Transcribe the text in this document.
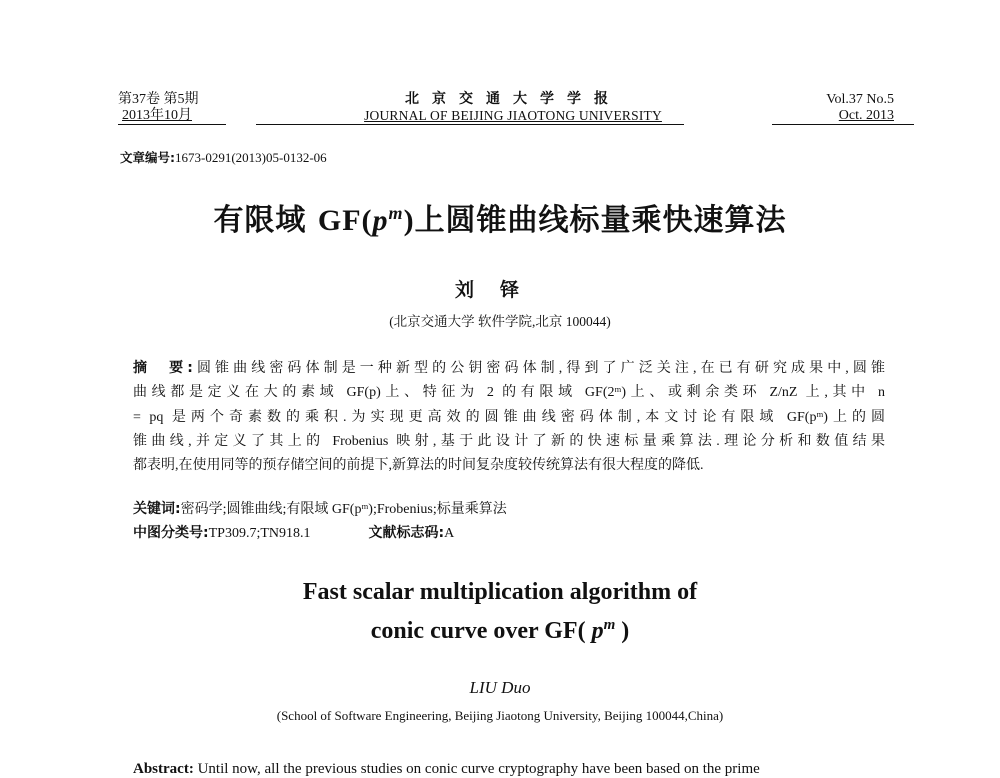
第37卷 第5期
2013年10月
北京交通大学学报
JOURNAL OF BEIJING JIAOTONG UNIVERSITY
Vol.37 No.5
Oct. 2013
文章编号:1673-0291(2013)05-0132-06
有限域 $GF(p^m)$上圆锥曲线标量乘快速算法
刘铎
(北京交通大学 软件学院,北京 100044)

摘　要:圆锥曲线密码体制是一种新型的公钥密码体制,得到了广泛关注,在已有研究成果中,圆锥

曲线都是定义在大的素域 GF(p)上、特征为 2 的有限域 GF(2ᵐ)上、或剩余类环 Z/nZ 上,其中 n

= pq 是两个奇素数的乘积.为实现更高效的圆锥曲线密码体制,本文讨论有限域 GF(pᵐ)上的圆

锥曲线,并定义了其上的 Frobenius 映射,基于此设计了新的快速标量乘算法.理论分析和数值结果

都表明,在使用同等的预存储空间的前提下,新算法的时间复杂度较传统算法有很大程度的降低.

关键词:密码学;圆锥曲线;有限域 GF(pᵐ);Frobenius;标量乘算法
中图分类号:TP309.7;TN918.1	文献标志码:A
Fast scalar multiplication algorithm of
conic curve over GF( $p^m$ )
LIU Duo
(School of Software Engineering, Beijing Jiaotong University, Beijing 100044,China)
Abstract: Until now, all the previous studies on conic curve cryptography have been based on the prime
